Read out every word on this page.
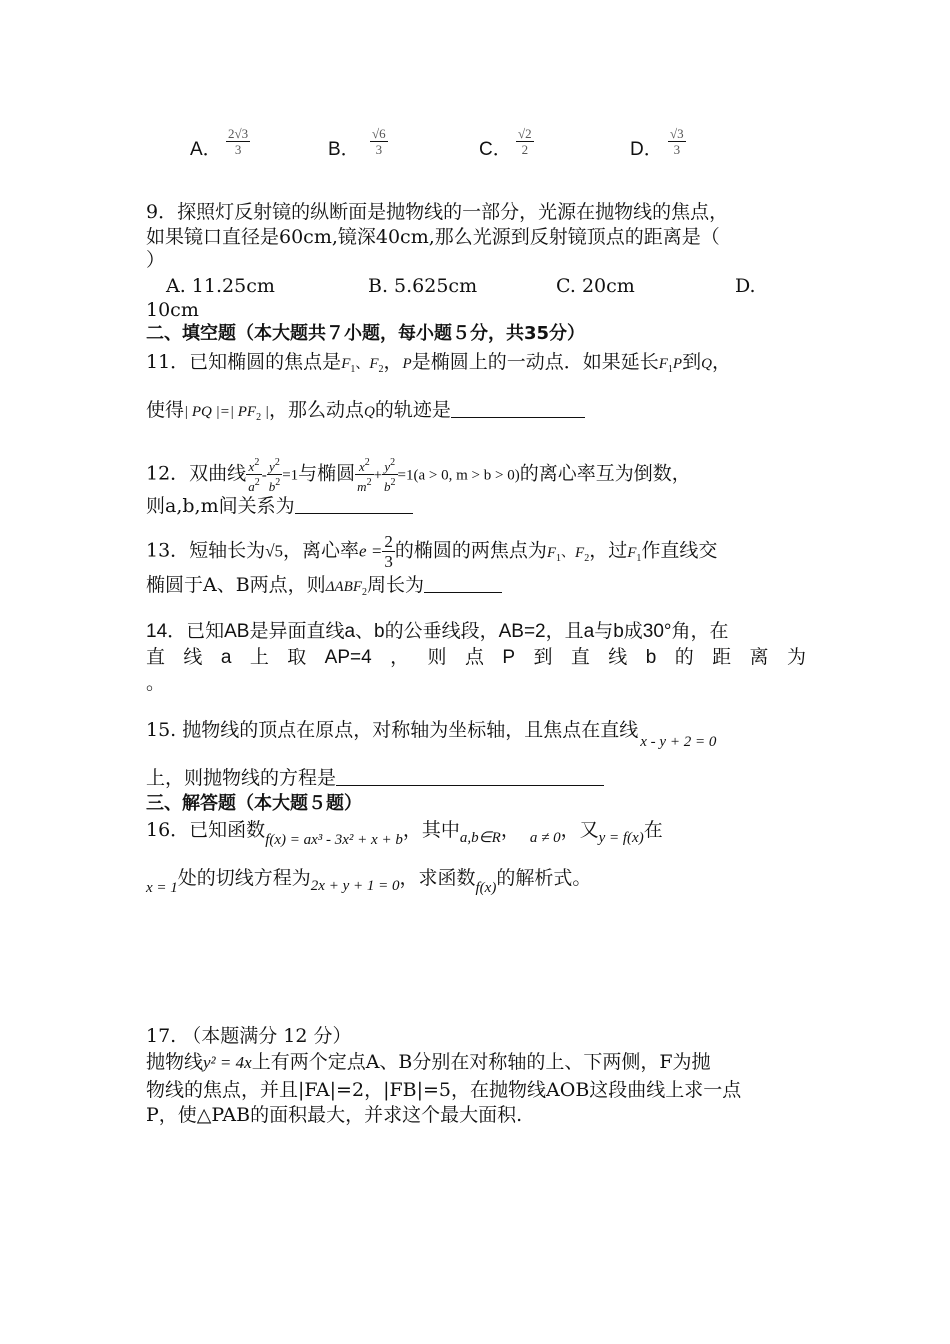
A． $\frac{2√3}{3}$	B． $\frac{√6}{3}$	C． $\frac{√2}{2}$	D． $\frac{√3}{3}$
9．探照灯反射镜的纵断面是抛物线的一部分，光源在抛物线的焦点，
如果镜口直径是60cm,镜深40cm,那么光源到反射镜顶点的距离是（
）
A. 11.25cm	B. 5.625cm	C. 20cm	D.
10cm
二、填空题（本大题共７小题，每小题５分，共35分）
11．已知椭圆的焦点是$F_1$、$F_2$，P是椭圆上的一动点．如果延长$F_1P$到Q，
使得| PQ |=| $PF_2$ |，那么动点Q的轨迹是
12．双曲线 $\frac{x^2}{a^2} - \frac{y^2}{b^2} =1$与椭圆 $\frac{x^2}{m^2} + \frac{y^2}{b^2} =1(a > 0$, m > b > 0)的离心率互为倒数，
则a,b,m间关系为
13．短轴长为√5，离心率$e = \frac{2}{3}$ 的椭圆的两焦点为$F_1$、$F_2$，过$F_1$作直线交
椭圆于A、B两点，则$\Delta ABF_2$周长为
14．已知AB是异面直线a、b的公垂线段，AB=2，且a与b成30°角，在
直 线 a 上 取 AP=4 ， 则 点 P 到 直 线 b 的 距 离 为
。
15. 抛物线的顶点在原点，对称轴为坐标轴，且焦点在直线$_{x - y + 2 = 0}$
上，则抛物线的方程是
三、解答题（本大题５题）
16．已知函数$_{f(x) = ax^3 - 3x^2 + x + b}$，其中$_{a,b\in R}$， $_{a \ne 0}$，又$_{y = f(x)}$在
$_{x = 1}$处的切线方程为$_{2x + y + 1 = 0}$，求函数$_{f(x)}$的解析式。
17. （本题满分 12 分）
抛物线y² = 4x上有两个定点A、B分别在对称轴的上、下两侧，F为抛
物线的焦点，并且|FA|=2，|FB|=5，在抛物线AOB这段曲线上求一点
P，使△PAB的面积最大，并求这个最大面积.
